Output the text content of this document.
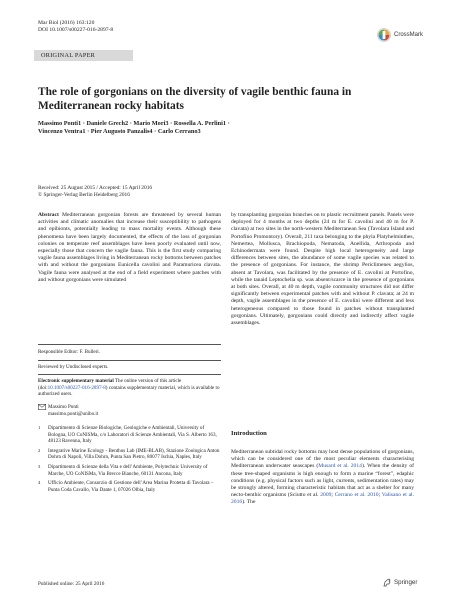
Mar Biol (2016) 163:120
DOI 10.1007/s00227-016-2897-8
CrossMark
ORIGINAL PAPER
The role of gorgonians on the diversity of vagile benthic fauna in Mediterranean rocky habitats
Massimo Ponti1 · Daniele Grech2 · Mario Mori3 · Rossella A. Perlini1 ·
Vincenzo Ventra1 · Pier Augusto Panzalis4 · Carlo Cerrano3
Received: 25 August 2015 / Accepted: 15 April 2016
© Springer-Verlag Berlin Heidelberg 2016
Abstract Mediterranean gorgonian forests are threatened by several human activities and climatic anomalies that increase their susceptibility to pathogens and epibionts, potentially leading to mass mortality events. Although these phenomena have been largely documented, the effects of the loss of gorgonian colonies on temperate reef assemblages have been poorly evaluated until now, especially those that concern the vagile fauna. This is the first study comparing vagile fauna assemblages living in Mediterranean rocky bottoms between patches with and without the gorgonians Eunicella cavolini and Paramuricea clavata. Vagile fauna were analysed at the end of a field experiment where patches with and without gorgonians were simulated
Responsible Editor: F. Bulleri.
Reviewed by Undisclosed experts.
Electronic supplementary material The online version of this article (doi:10.1007/s00227-016-2897-8) contains supplementary material, which is available to authorized users.
Massimo Ponti
massimo.ponti@unibo.it
1	Dipartimento di Scienze Biologiche, Geologiche e Ambientali, University of Bologna, UO CoNISMa, c/o Laboratori di Scienze Ambientali, Via S. Alberto 163, 48123 Ravenna, Italy
2	Integrative Marine Ecology - Benthos Lab (IME-BLAB), Stazione Zoologica Anton Dohrn di Napoli, Villa Dohrn, Punta San Pietro, 80077 Ischia, Naples, Italy
3	Dipartimento di Scienze della Vita e dell’Ambiente, Polytechnic University of Marche, UO CoNISMa, Via Brecce Bianche, 60131 Ancona, Italy
4	Ufficio Ambiente, Consorzio di Gestione dell’Area Marina Protetta di Tavolara – Punta Coda Cavallo, Via Dante 1, 07026 Olbia, Italy
by transplanting gorgonian branches on to plastic recruitment panels. Panels were deployed for 4 months at two depths (24 m for E. cavolini and 40 m for P. clavata) at two sites in the north-western Mediterranean Sea (Tavolara Island and Portofino Promontory). Overall, 211 taxa belonging to the phyla Platyhelminthes, Nemertea, Mollusca, Brachiopoda, Nematoda, Anellida, Arthropoda and Echinodermata were found. Despite high local heterogeneity and large differences between sites, the abundance of some vagile species was related to the presence of gorgonians. For instance, the shrimp Periclimenes aegylios, absent at Tavolara, was facilitated by the presence of E. cavolini at Portofino, while the tanaid Leptochelia sp. was absent/scarce in the presence of gorgonians at both sites. Overall, at 40 m depth, vagile community structures did not differ significantly between experimental patches with and without P. clavata; at 24 m depth, vagile assemblages in the presence of E. cavolini were different and less heterogeneous compared to those found in patches without transplanted gorgonians. Ultimately, gorgonians could directly and indirectly affect vagile assemblages.
Introduction
Mediterranean subtidal rocky bottoms may host dense populations of gorgonians, which can be considered one of the most peculiar elements characterising Mediterranean underwater seascapes (Musard et al. 2014). When the density of these tree-shaped organisms is high enough to form a marine “forest”, edaphic conditions (e.g. physical factors such as light, currents, sedimentation rates) may be strongly altered, forming characteristic habitats that act as a shelter for many necto-benthic organisms (Sciutto et al. 2009; Cerrano et al. 2010; Valisano et al. 2016). The
Published online: 25 April 2016	Springer
